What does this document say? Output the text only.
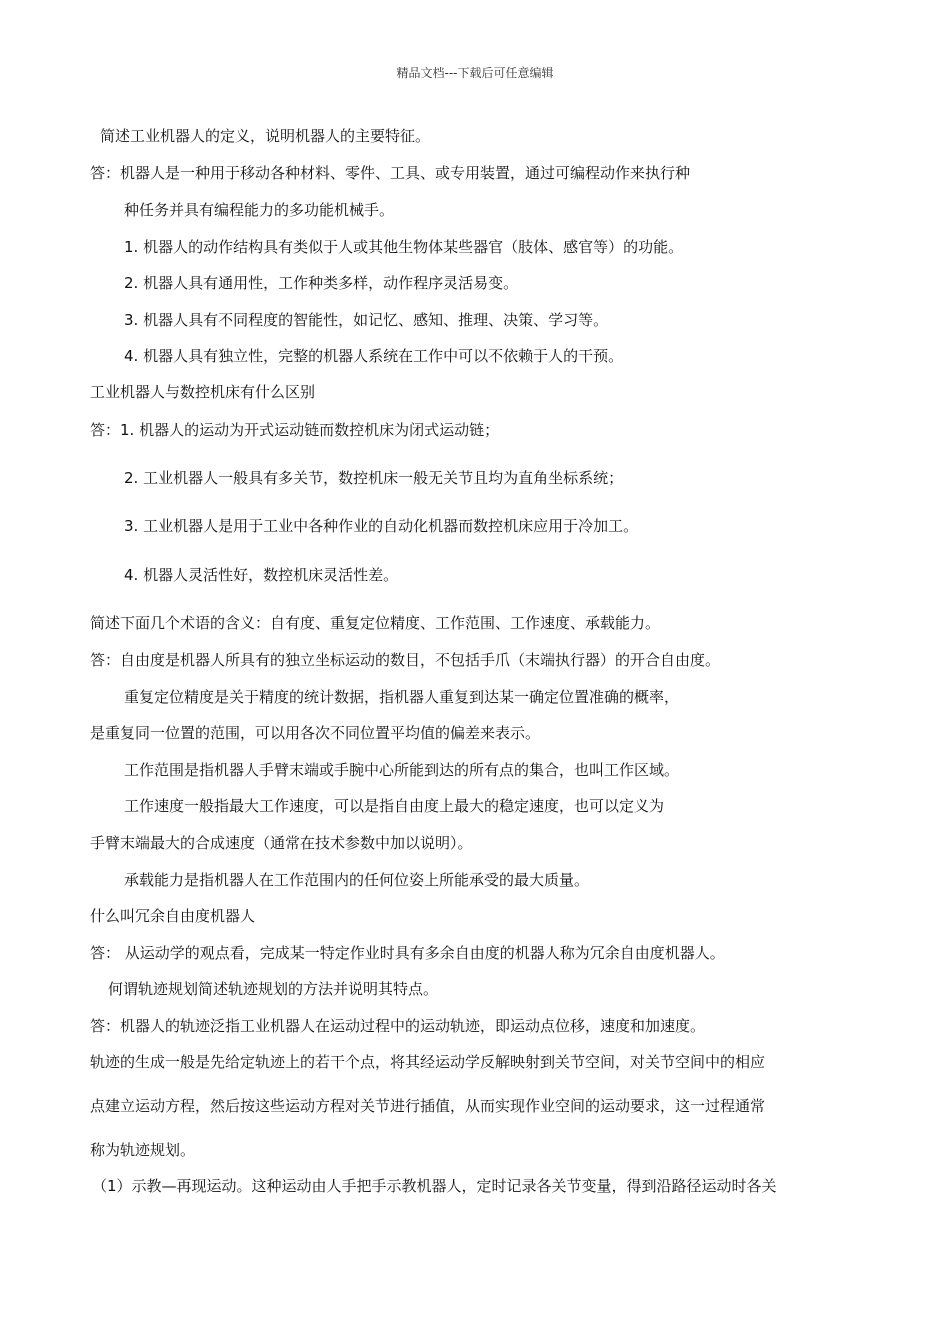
精品文档---下载后可任意编辑
简述工业机器人的定义，说明机器人的主要特征。
答：机器人是一种用于移动各种材料、零件、工具、或专用装置，通过可编程动作来执行种
种任务并具有编程能力的多功能机械手。
1. 机器人的动作结构具有类似于人或其他生物体某些器官（肢体、感官等）的功能。
2. 机器人具有通用性，工作种类多样，动作程序灵活易变。
3. 机器人具有不同程度的智能性，如记忆、感知、推理、决策、学习等。
4. 机器人具有独立性，完整的机器人系统在工作中可以不依赖于人的干预。
工业机器人与数控机床有什么区别
答：1. 机器人的运动为开式运动链而数控机床为闭式运动链；
2. 工业机器人一般具有多关节，数控机床一般无关节且均为直角坐标系统；
3. 工业机器人是用于工业中各种作业的自动化机器而数控机床应用于冷加工。
4. 机器人灵活性好，数控机床灵活性差。
简述下面几个术语的含义：自有度、重复定位精度、工作范围、工作速度、承载能力。
答：自由度是机器人所具有的独立坐标运动的数目，不包括手爪（末端执行器）的开合自由度。
重复定位精度是关于精度的统计数据，指机器人重复到达某一确定位置准确的概率，
是重复同一位置的范围，可以用各次不同位置平均值的偏差来表示。
工作范围是指机器人手臂末端或手腕中心所能到达的所有点的集合，也叫工作区域。
工作速度一般指最大工作速度，可以是指自由度上最大的稳定速度，也可以定义为
手臂末端最大的合成速度（通常在技术参数中加以说明）。
承载能力是指机器人在工作范围内的任何位姿上所能承受的最大质量。
什么叫冗余自由度机器人
答： 从运动学的观点看，完成某一特定作业时具有多余自由度的机器人称为冗余自由度机器人。
何谓轨迹规划简述轨迹规划的方法并说明其特点。
答：机器人的轨迹泛指工业机器人在运动过程中的运动轨迹，即运动点位移，速度和加速度。
轨迹的生成一般是先给定轨迹上的若干个点，将其经运动学反解映射到关节空间，对关节空间中的相应
点建立运动方程，然后按这些运动方程对关节进行插值，从而实现作业空间的运动要求，这一过程通常
称为轨迹规划。
（1）示教—再现运动。这种运动由人手把手示教机器人，定时记录各关节变量，得到沿路径运动时各关
